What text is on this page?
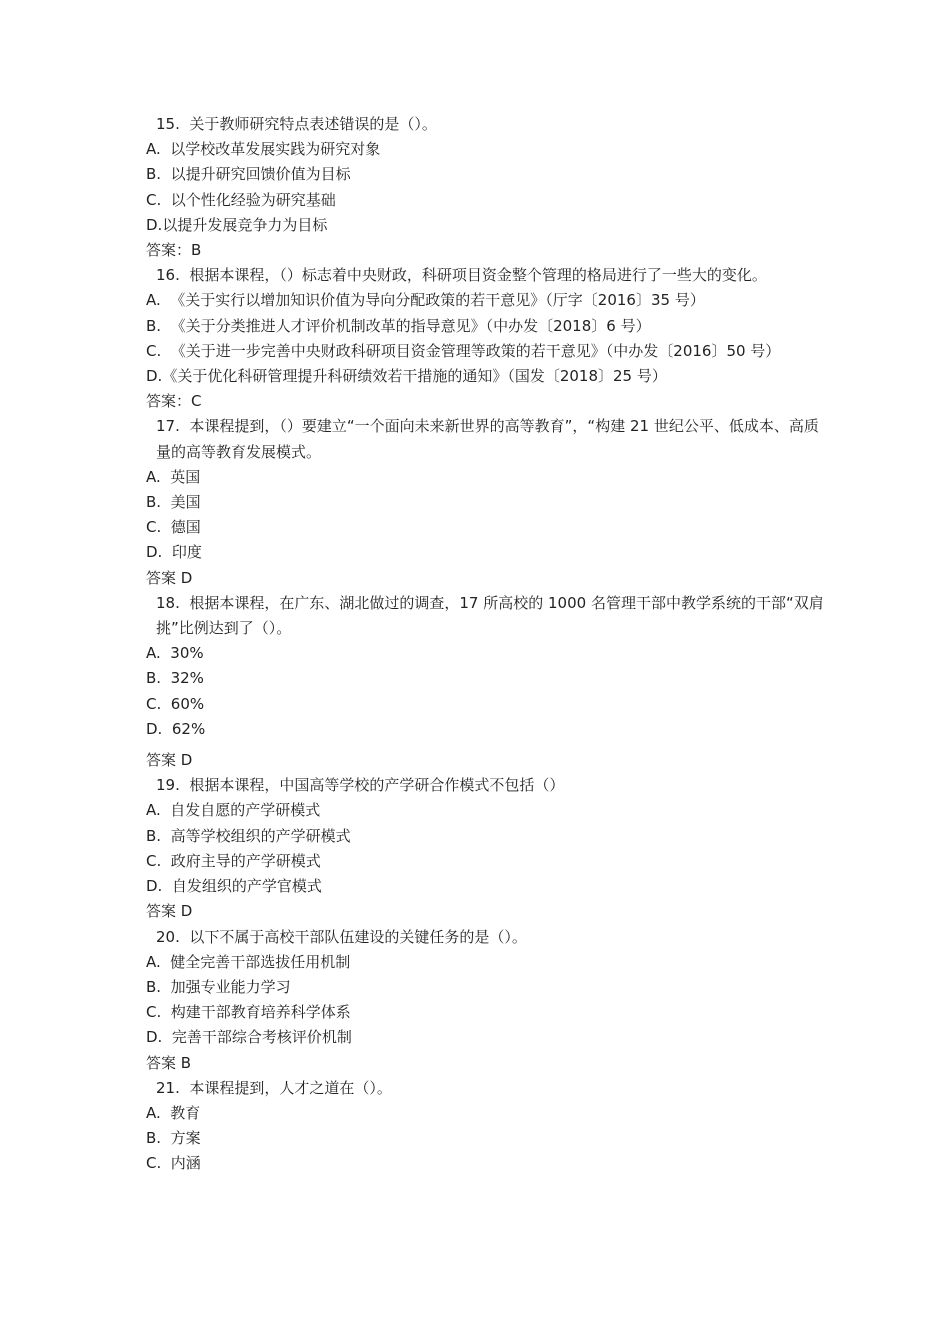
15.  关于教师研究特点表述错误的是（）。
A.  以学校改革发展实践为研究对象
B.  以提升研究回馈价值为目标
C.  以个性化经验为研究基础
D.以提升发展竞争力为目标
答案：B
16.  根据本课程，（）标志着中央财政，科研项目资金整个管理的格局进行了一些大的变化。
A.  《关于实行以增加知识价值为导向分配政策的若干意见》（厅字〔2016〕35 号）
B.  《关于分类推进人才评价机制改革的指导意见》（中办发〔2018〕6 号）
C.  《关于进一步完善中央财政科研项目资金管理等政策的若干意见》（中办发〔2016〕50 号）
D.《关于优化科研管理提升科研绩效若干措施的通知》（国发〔2018〕25 号）
答案：C
17.  本课程提到，（）要建立“一个面向未来新世界的高等教育”，“构建 21 世纪公平、低成本、高质量的高等教育发展模式。
A.  英国
B.  美国
C.  德国
D.  印度
答案 D
18.  根据本课程，在广东、湖北做过的调查，17 所高校的 1000 名管理干部中教学系统的干部“双肩挑”比例达到了（）。
A.  30%
B.  32%
C.  60%
D.  62%
答案 D
19.  根据本课程，中国高等学校的产学研合作模式不包括（）
A.  自发自愿的产学研模式
B.  高等学校组织的产学研模式
C.  政府主导的产学研模式
D.  自发组织的产学官模式
答案 D
20.  以下不属于高校干部队伍建设的关键任务的是（）。
A.  健全完善干部选拔任用机制
B.  加强专业能力学习
C.  构建干部教育培养科学体系
D.  完善干部综合考核评价机制
答案 B
21.  本课程提到，人才之道在（）。
A.  教育
B.  方案
C.  内涵
